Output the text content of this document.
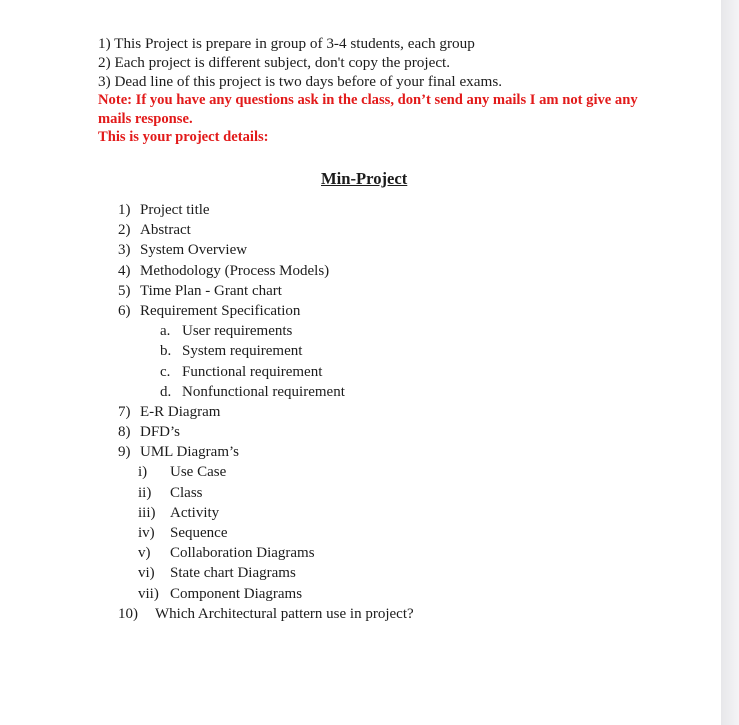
1) This Project is prepare in group of 3-4 students, each group
2) Each project is different subject, don't copy the project.
3) Dead line of this project is two days before of your final exams.
Note: If you have any questions ask in the class, don’t send any mails I am not give any mails response.
This is your project details:
Min-Project
1) Project title
2) Abstract
3) System Overview
4) Methodology (Process Models)
5) Time Plan - Grant chart
6) Requirement Specification
a. User requirements
b. System requirement
c. Functional requirement
d. Nonfunctional requirement
7) E-R Diagram
8) DFD’s
9) UML Diagram’s
i)	Use Case
ii)	Class
iii) Activity
iv)	Sequence
v)	Collaboration Diagrams
vi)	State chart Diagrams
vii) Component Diagrams
10)	Which Architectural pattern use in project?
